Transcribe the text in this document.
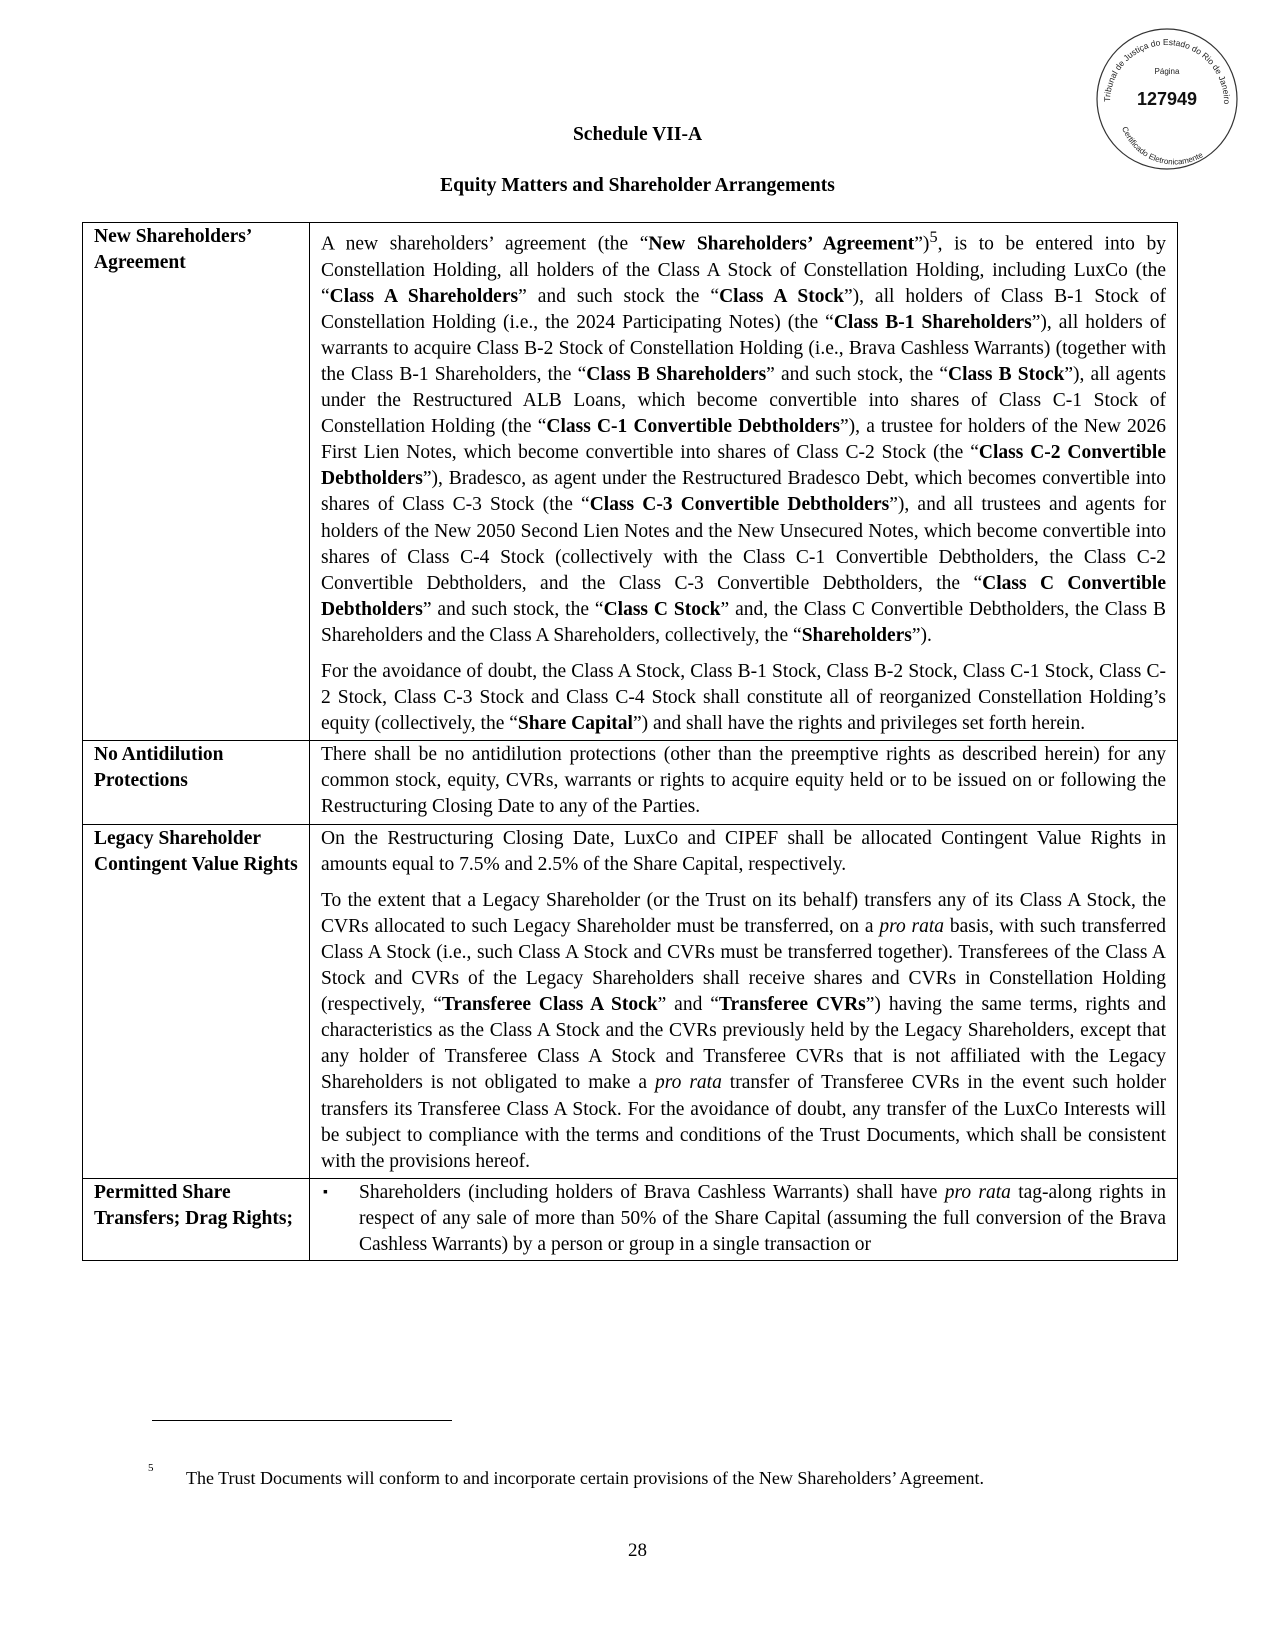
Tribunal de Justiça do Estado do Rio de Janeiro
Página
127949
Certificado Eletronicamente
Schedule VII-A
Equity Matters and Shareholder Arrangements
New Shareholders’ Agreement	A new shareholders’ agreement (the “New Shareholders’ Agreement”)$^5$, is to be entered into by Constellation Holding, all holders of the Class A Stock of Constellation Holding, including LuxCo (the “Class A Shareholders” and such stock the “Class A Stock”), all holders of Class B-1 Stock of Constellation Holding (i.e., the 2024 Participating Notes) (the “Class B-1 Shareholders”), all holders of warrants to acquire Class B-2 Stock of Constellation Holding (i.e., Brava Cashless Warrants) (together with the Class B-1 Shareholders, the “Class B Shareholders” and such stock, the “Class B Stock”), all agents under the Restructured ALB Loans, which become convertible into shares of Class C-1 Stock of Constellation Holding (the “Class C-1 Convertible Debtholders”), a trustee for holders of the New 2026 First Lien Notes, which become convertible into shares of Class C-2 Stock (the “Class C-2 Convertible Debtholders”), Bradesco, as agent under the Restructured Bradesco Debt, which becomes convertible into shares of Class C-3 Stock (the “Class C-3 Convertible Debtholders”), and all trustees and agents for holders of the New 2050 Second Lien Notes and the New Unsecured Notes, which become convertible into shares of Class C-4 Stock (collectively with the Class C-1 Convertible Debtholders, the Class C-2 Convertible Debtholders, and the Class C-3 Convertible Debtholders, the “Class C Convertible Debtholders” and such stock, the “Class C Stock” and, the Class C Convertible Debtholders, the Class B Shareholders and the Class A Shareholders, collectively, the “Shareholders”).

For the avoidance of doubt, the Class A Stock, Class B-1 Stock, Class B-2 Stock, Class C-1 Stock, Class C-2 Stock, Class C-3 Stock and Class C-4 Stock shall constitute all of reorganized Constellation Holding’s equity (collectively, the “Share Capital”) and shall have the rights and privileges set forth herein.

No Antidilution Protections	There shall be no antidilution protections (other than the preemptive rights as described herein) for any common stock, equity, CVRs, warrants or rights to acquire equity held or to be issued on or following the Restructuring Closing Date to any of the Parties.

Legacy Shareholder Contingent Value Rights	On the Restructuring Closing Date, LuxCo and CIPEF shall be allocated Contingent Value Rights in amounts equal to 7.5% and 2.5% of the Share Capital, respectively.

To the extent that a Legacy Shareholder (or the Trust on its behalf) transfers any of its Class A Stock, the CVRs allocated to such Legacy Shareholder must be transferred, on a pro rata basis, with such transferred Class A Stock (i.e., such Class A Stock and CVRs must be transferred together). Transferees of the Class A Stock and CVRs of the Legacy Shareholders shall receive shares and CVRs in Constellation Holding (respectively, “Transferee Class A Stock” and “Transferee CVRs”) having the same terms, rights and characteristics as the Class A Stock and the CVRs previously held by the Legacy Shareholders, except that any holder of Transferee Class A Stock and Transferee CVRs that is not affiliated with the Legacy Shareholders is not obligated to make a pro rata transfer of Transferee CVRs in the event such holder transfers its Transferee Class A Stock. For the avoidance of doubt, any transfer of the LuxCo Interests will be subject to compliance with the terms and conditions of the Trust Documents, which shall be consistent with the provisions hereof.

Permitted Share Transfers; Drag Rights;	▪ Shareholders (including holders of Brava Cashless Warrants) shall have pro rata tag-along rights in respect of any sale of more than 50% of the Share Capital (assuming the full conversion of the Brava Cashless Warrants) by a person or group in a single transaction or
$^5$ The Trust Documents will conform to and incorporate certain provisions of the New Shareholders’ Agreement.
28
